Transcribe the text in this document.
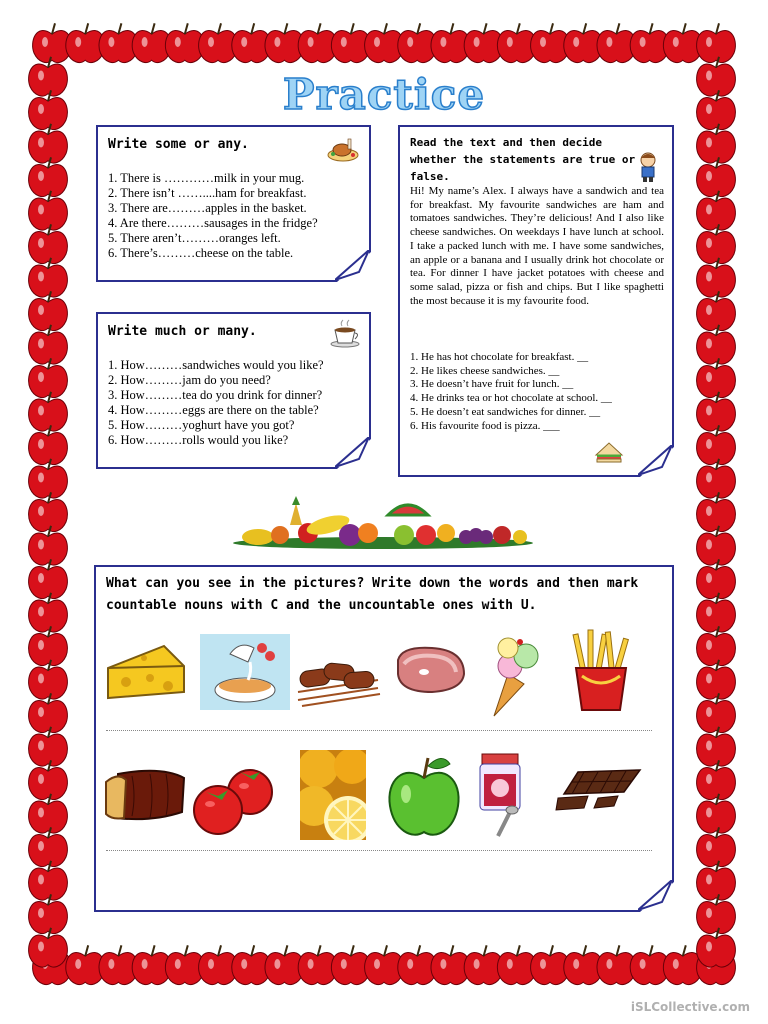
Practice
Write some or any.
1. There is …………milk in your mug.
2. There isn’t ……....ham for breakfast.
3. There are………apples in the basket.
4. Are there………sausages in the fridge?
5. There aren’t………oranges left.
6. There’s………cheese on the table.
Write much or many.
1. How………sandwiches would you like?
2. How………jam do you need?
3. How………tea do you drink for dinner?
4. How………eggs are there on the table?
5. How………yoghurt have you got?
6. How………rolls would you like?
Read the text and then decide whether the statements are true or false.
Hi! My name’s Alex. I always have a sandwich and tea for breakfast. My favourite sandwiches are ham and tomatoes sandwiches. They’re delicious! And I also like cheese sandwiches. On weekdays I have lunch at school. I take a packed lunch with me. I have some sandwiches, an apple or a banana and I usually drink hot chocolate or tea. For dinner I have jacket potatoes with cheese and some salad, pizza or fish and chips. But I like spaghetti the most because it is my favourite food.
1. He has hot chocolate for breakfast. __
2. He likes cheese sandwiches. __
3. He doesn’t have fruit for lunch. __
4. He drinks tea or hot chocolate at school. __
5. He doesn’t eat sandwiches for dinner. __
6. His favourite food is pizza. ___
What can you see in the pictures? Write down the words and then mark countable nouns with C and the uncountable ones with U.
iSLCollective.com
